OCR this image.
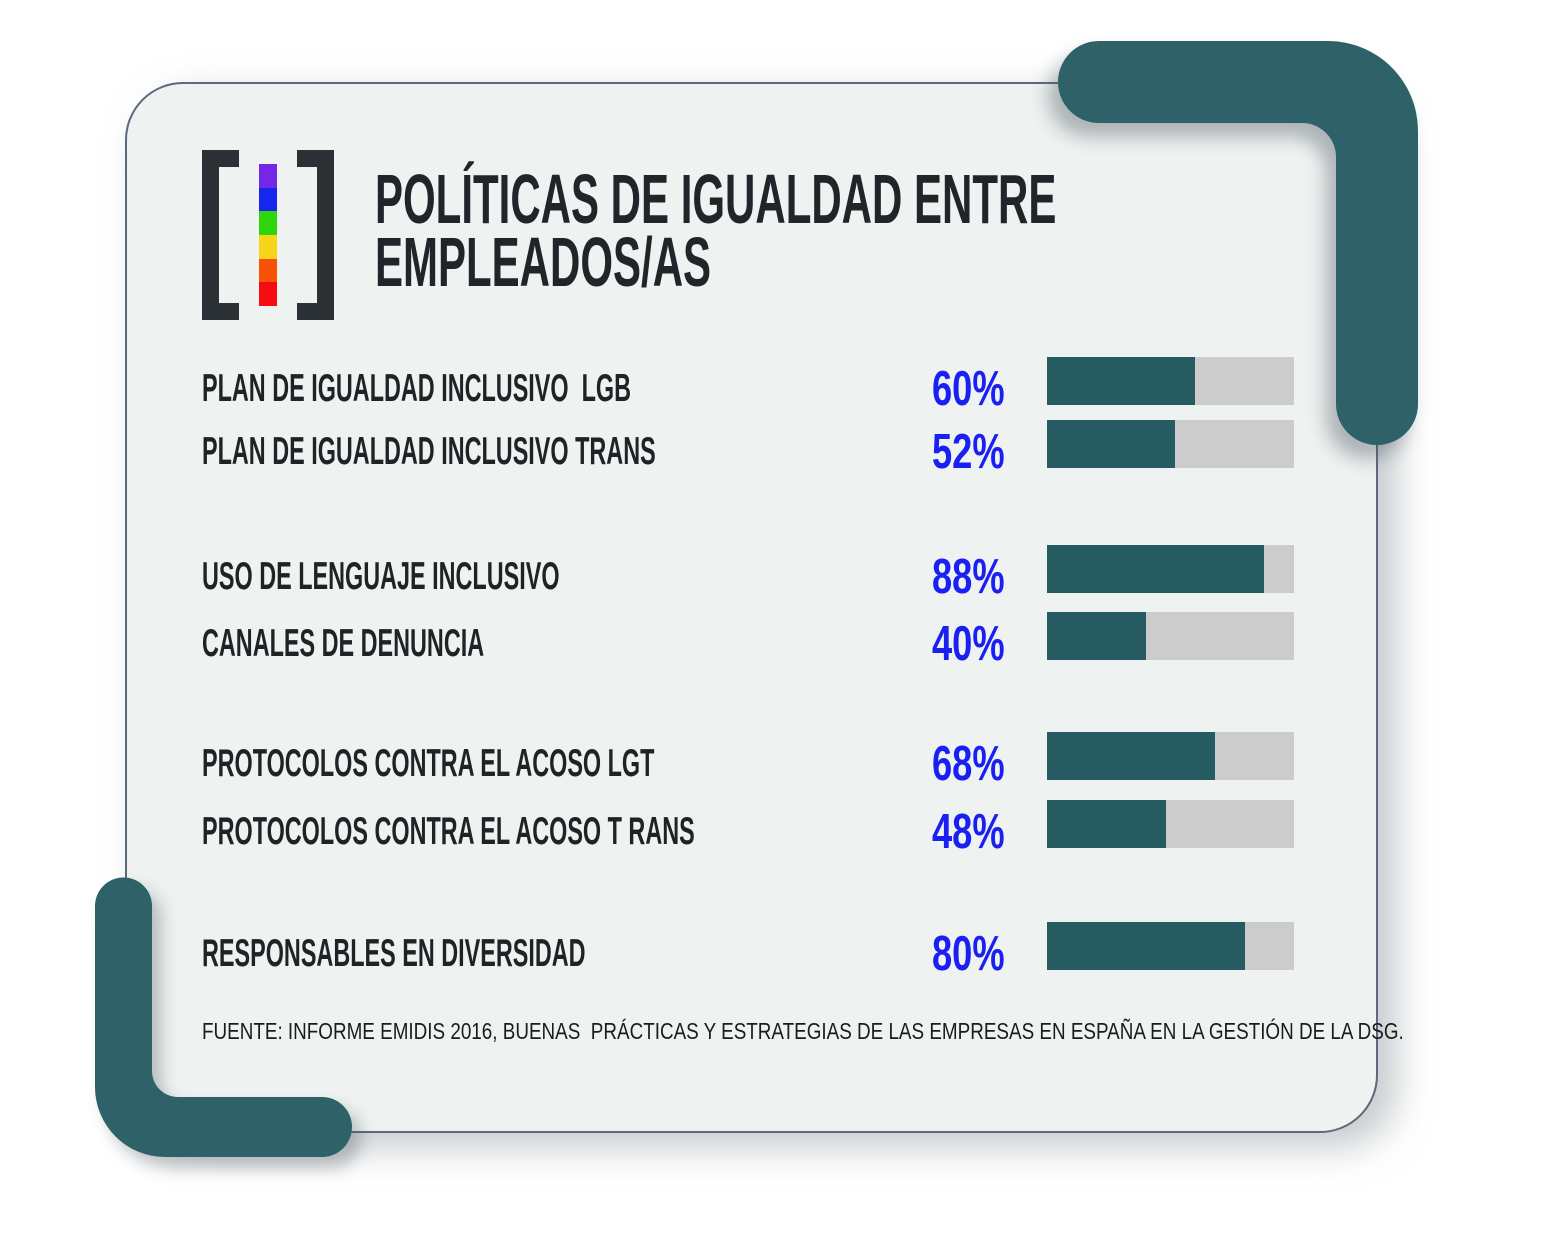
POLÍTICAS DE IGUALDAD ENTRE
EMPLEADOS/AS
PLAN DE IGUALDAD INCLUSIVO  LGB	60%
PLAN DE IGUALDAD INCLUSIVO TRANS	52%
USO DE LENGUAJE INCLUSIVO	88%
CANALES DE DENUNCIA	40%
PROTOCOLOS CONTRA EL ACOSO LGT	68%
PROTOCOLOS CONTRA EL ACOSO T RANS	48%
RESPONSABLES EN DIVERSIDAD	80%
FUENTE: INFORME EMIDIS 2016, BUENAS  PRÁCTICAS Y ESTRATEGIAS DE LAS EMPRESAS EN ESPAÑA EN LA GESTIÓN DE LA DSG.
